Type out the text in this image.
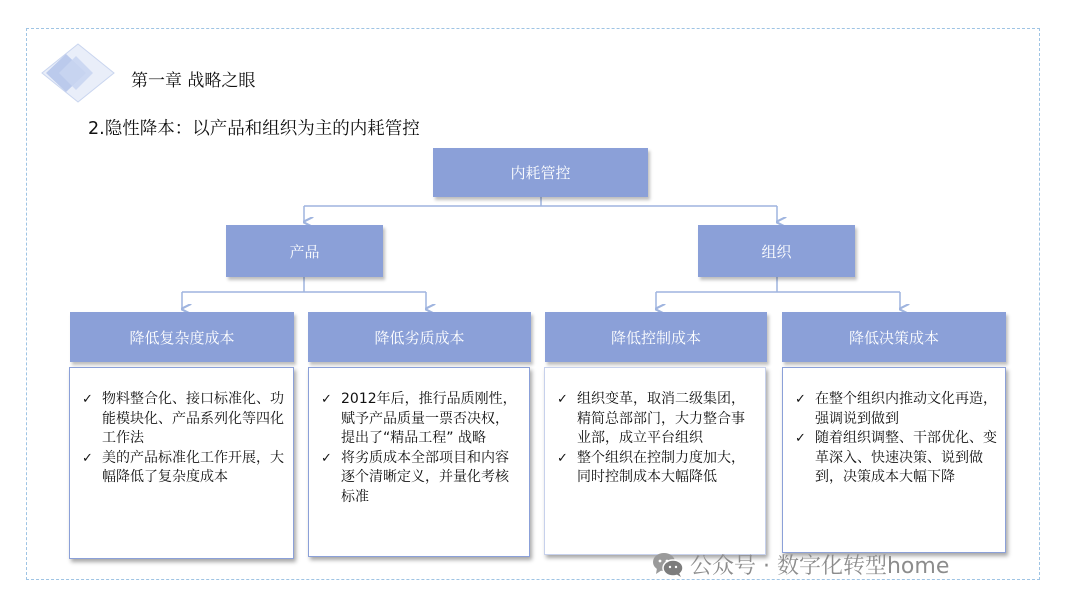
第一章 战略之眼
2.隐性降本：以产品和组织为主的内耗管控
内耗管控
产品	组织
降低复杂度成本	降低劣质成本	降低控制成本	降低决策成本
✓ 物料整合化、接口标准化、功能模块化、产品系列化等四化工作法
✓ 美的产品标准化工作开展，大幅降低了复杂度成本
✓ 2012年后，推行品质刚性，赋予产品质量一票否决权，提出了“精品工程” 战略
✓ 将劣质成本全部项目和内容逐个清晰定义，并量化考核标准
✓ 组织变革，取消二级集团，精简总部部门，大力整合事业部，成立平台组织
✓ 整个组织在控制力度加大，同时控制成本大幅降低
✓ 在整个组织内推动文化再造，强调说到做到
✓ 随着组织调整、干部优化、变革深入、快速决策、说到做到，决策成本大幅下降
公众号 · 数字化转型home
